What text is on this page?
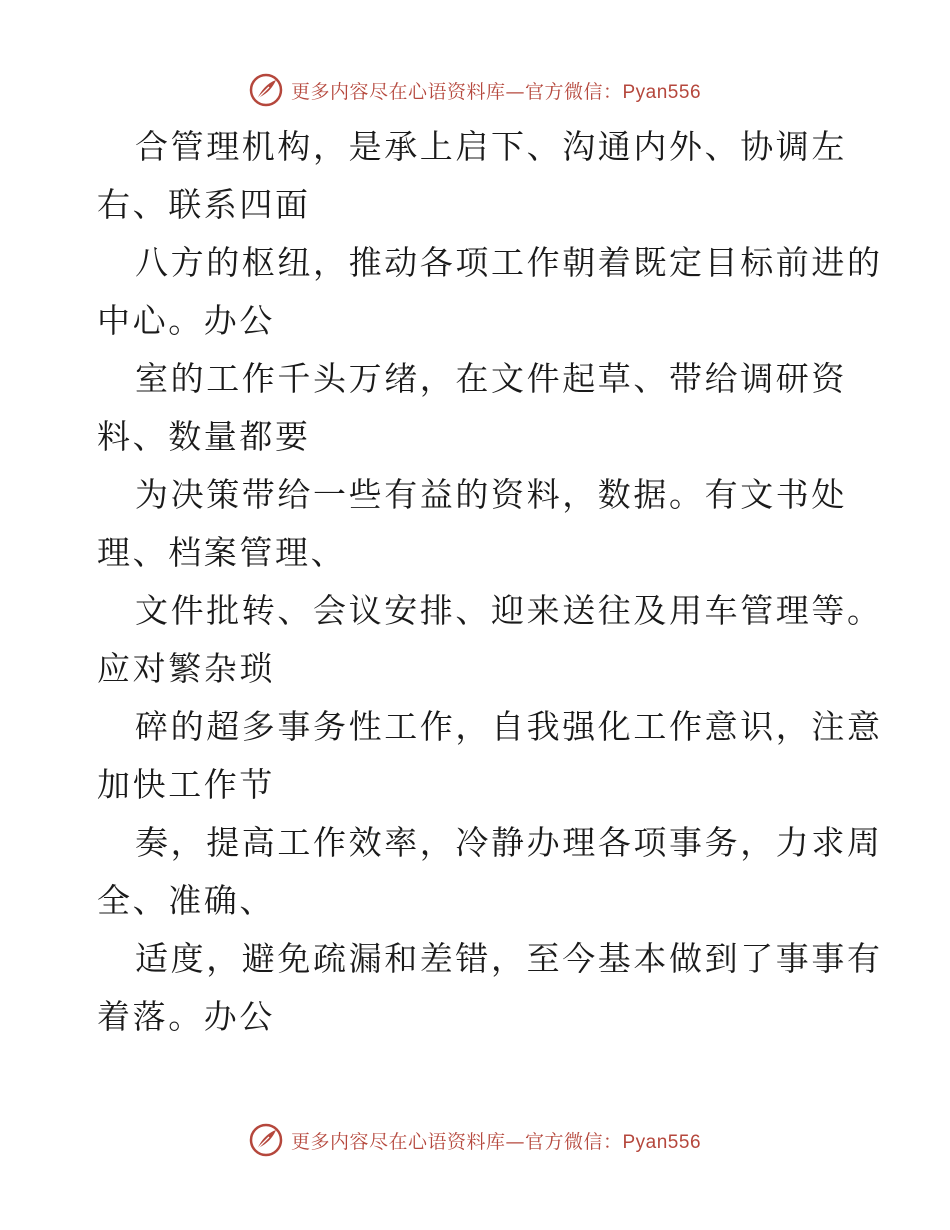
更多内容尽在心语资料库—官方微信：Pyan556
合管理机构，是承上启下、沟通内外、协调左
右、联系四面
八方的枢纽，推动各项工作朝着既定目标前进的
中心。办公
室的工作千头万绪，在文件起草、带给调研资
料、数量都要
为决策带给一些有益的资料，数据。有文书处
理、档案管理、
文件批转、会议安排、迎来送往及用车管理等。
应对繁杂琐
碎的超多事务性工作，自我强化工作意识，注意
加快工作节
奏，提高工作效率，冷静办理各项事务，力求周
全、准确、
适度，避免疏漏和差错，至今基本做到了事事有
着落。办公
更多内容尽在心语资料库—官方微信：Pyan556
